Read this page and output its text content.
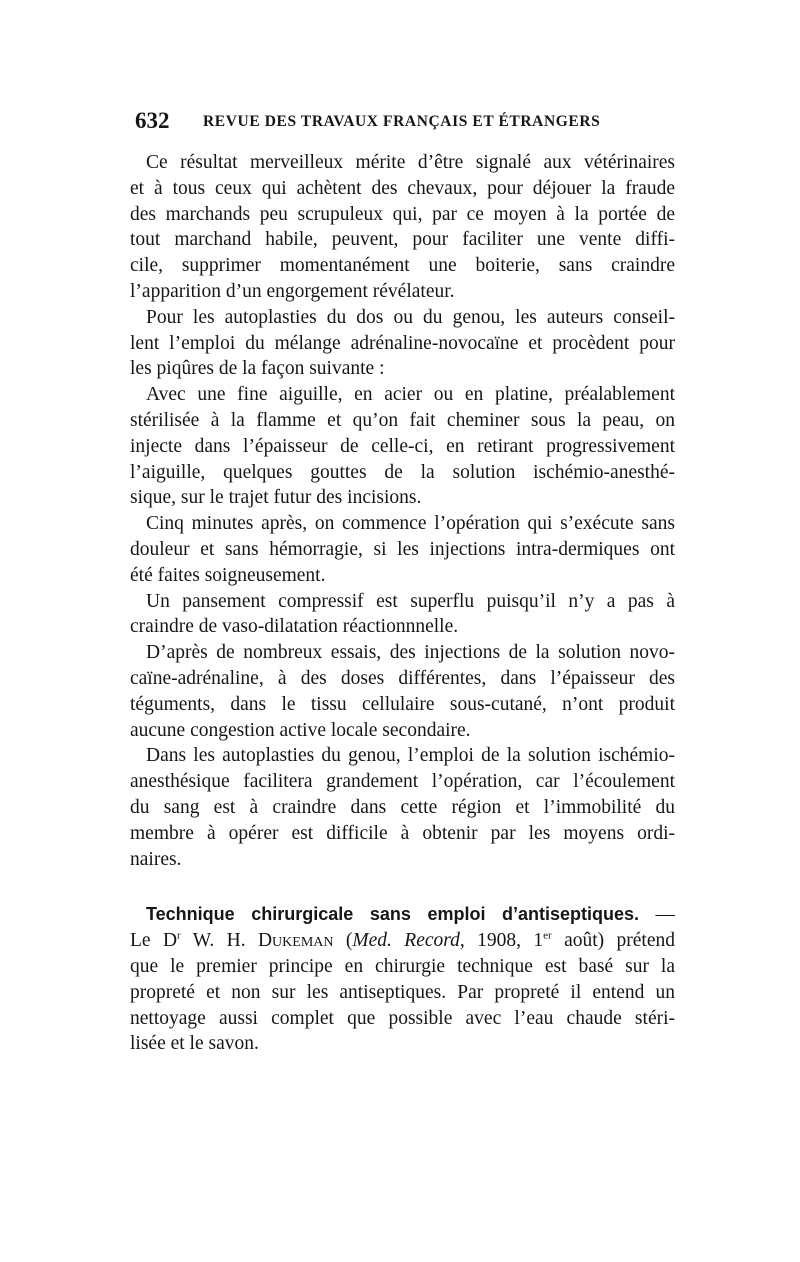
632 REVUE DES TRAVAUX FRANÇAIS ET ÉTRANGERS

Ce résultat merveilleux mérite d’être signalé aux vétérinaires
et à tous ceux qui achètent des chevaux, pour déjouer la fraude
des marchands peu scrupuleux qui, par ce moyen à la portée de
tout marchand habile, peuvent, pour faciliter une vente diffi-
cile, supprimer momentanément une boiterie, sans craindre
l’apparition d’un engorgement révélateur.

Pour les autoplasties du dos ou du genou, les auteurs conseil-
lent l’emploi du mélange adrénaline-novocaïne et procèdent pour
les piqûres de la façon suivante :

Avec une fine aiguille, en acier ou en platine, préalablement
stérilisée à la flamme et qu’on fait cheminer sous la peau, on
injecte dans l’épaisseur de celle-ci, en retirant progressivement
l’aiguille, quelques gouttes de la solution ischémio-anesthé-
sique, sur le trajet futur des incisions.

Cinq minutes après, on commence l’opération qui s’exécute sans
douleur et sans hémorragie, si les injections intra-dermiques ont
été faites soigneusement.

Un pansement compressif est superflu puisqu’il n’y a pas à
craindre de vaso-dilatation réactionnnelle.

D’après de nombreux essais, des injections de la solution novo-
caïne-adrénaline, à des doses différentes, dans l’épaisseur des
téguments, dans le tissu cellulaire sous-cutané, n’ont produit
aucune congestion active locale secondaire.

Dans les autoplasties du genou, l’emploi de la solution ischémio-
anesthésique facilitera grandement l’opération, car l’écoulement
du sang est à craindre dans cette région et l’immobilité du
membre à opérer est difficile à obtenir par les moyens ordi-
naires.

Technique chirurgicale sans emploi d’antiseptiques. —
Le $D^r$ W. H. Dukeman (Med. Record, 1908, 1er août) prétend
que le premier principe en chirurgie technique est basé sur la
propreté et non sur les antiseptiques. Par propreté il entend un
nettoyage aussi complet que possible avec l’eau chaude stéri-
lisée et le savon.
